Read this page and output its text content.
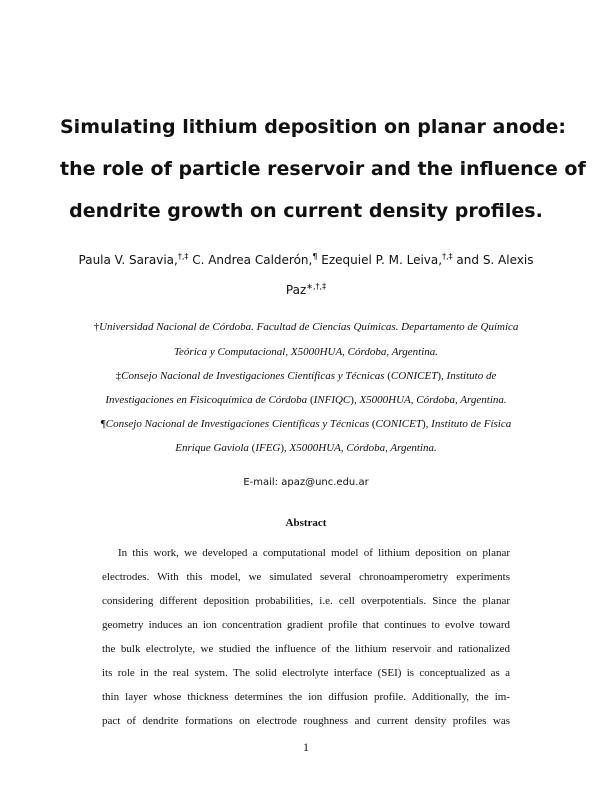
Simulating lithium deposition on planar anode:
the role of particle reservoir and the influence of
dendrite growth on current density profiles.
Paula V. Saravia,†,‡ C. Andrea Calderón,¶ Ezequiel P. M. Leiva,†,‡ and S. Alexis
Paz∗,†,‡
†Universidad Nacional de Córdoba. Facultad de Ciencias Químicas. Departamento de Química
Teórica y Computacional, X5000HUA, Córdoba, Argentina.
‡Consejo Nacional de Investigaciones Científicas y Técnicas (CONICET), Instituto de
Investigaciones en Fisicoquímica de Córdoba (INFIQC), X5000HUA, Córdoba, Argentina.
¶Consejo Nacional de Investigaciones Científicas y Técnicas (CONICET), Instituto de Física
Enrique Gaviola (IFEG), X5000HUA, Córdoba, Argentina.
E-mail: apaz@unc.edu.ar
Abstract
In this work, we developed a computational model of lithium deposition on planar
electrodes. With this model, we simulated several chronoamperometry experiments
considering different deposition probabilities, i.e. cell overpotentials. Since the planar
geometry induces an ion concentration gradient profile that continues to evolve toward
the bulk electrolyte, we studied the influence of the lithium reservoir and rationalized
its role in the real system. The solid electrolyte interface (SEI) is conceptualized as a
thin layer whose thickness determines the ion diffusion profile. Additionally, the im-
pact of dendrite formations on electrode roughness and current density profiles was
1
